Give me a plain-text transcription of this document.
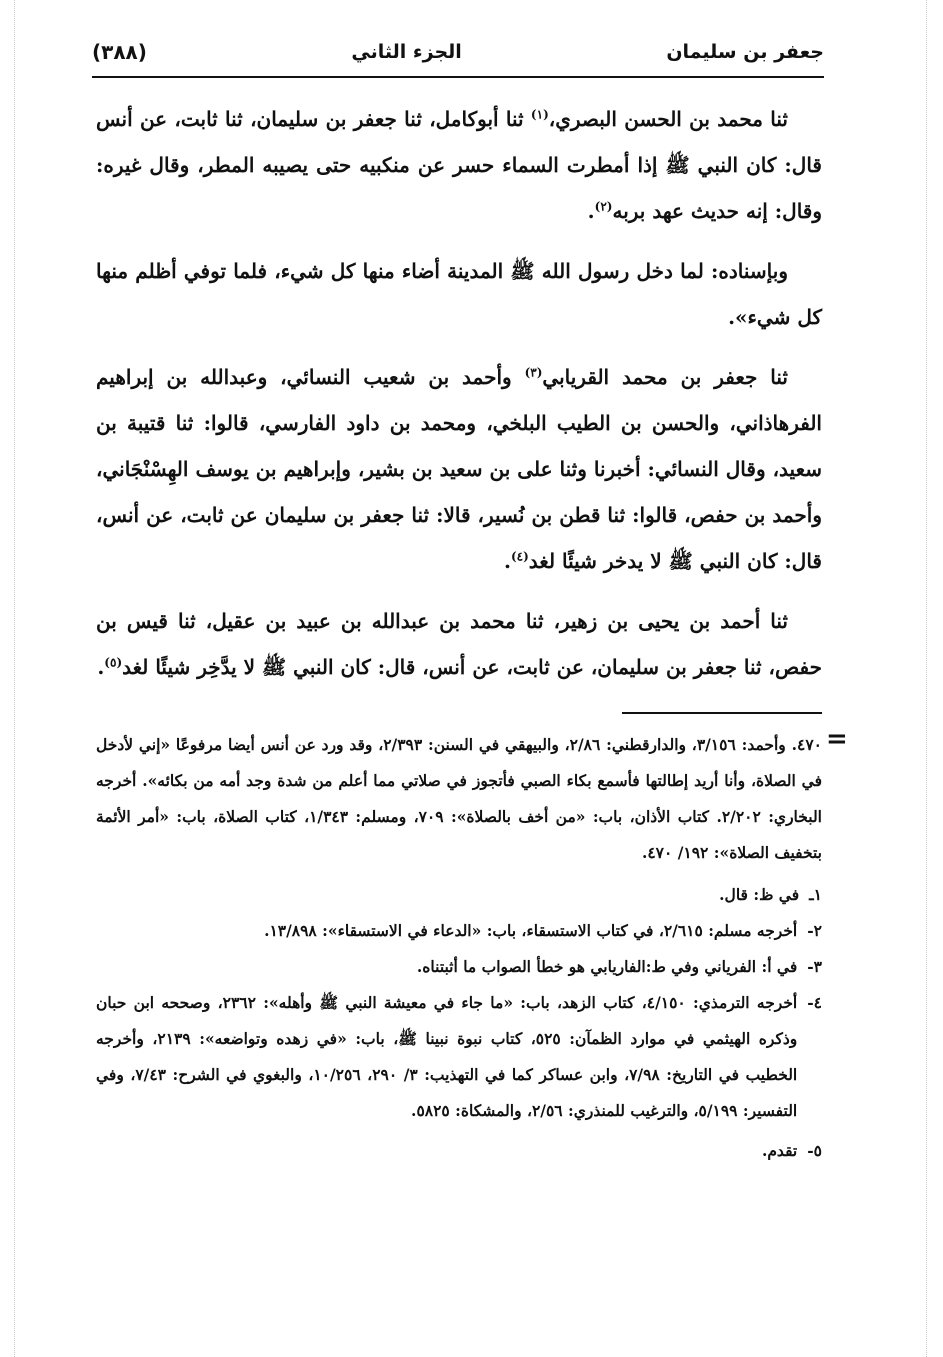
جعفر بن سليمان
الجزء الثاني
(٣٨٨)

ثنا محمد بن الحسن البصري،$^{(١)}$ ثنا أبوكامل، ثنا جعفر بن سليمان، ثنا ثابت، عن أنس قال: كان النبي ﷺ إذا أمطرت السماء حسر عن منكبيه حتى يصيبه المطر، وقال غيره: وقال: إنه حديث عهد بربه$^{(٢)}$.

وبإسناده: لما دخل رسول الله ﷺ المدينة أضاء منها كل شيء، فلما توفي أظلم منها كل شيء».

ثنا جعفر بن محمد القريابي$^{(٣)}$ وأحمد بن شعيب النسائي، وعبدالله بن إبراهيم الفرهاذاني، والحسن بن الطيب البلخي، ومحمد بن داود الفارسي، قالوا: ثنا قتيبة بن سعيد، وقال النسائي: أخبرنا وثنا على بن سعيد بن بشير، وإبراهيم بن يوسف الهِسْنْجَاني، وأحمد بن حفص، قالوا: ثنا قطن بن نُسير، قالا: ثنا جعفر بن سليمان عن ثابت، عن أنس، قال: كان النبي ﷺ لا يدخر شيئًا لغد$^{(٤)}$.

ثنا أحمد بن يحيى بن زهير، ثنا محمد بن عبدالله بن عبيد بن عقيل، ثنا قيس بن حفص، ثنا جعفر بن سليمان، عن ثابت، عن أنس، قال: كان النبي ﷺ لا يدَّخِر شيئًا لغد$^{(٥)}$.

=

٤٧٠. وأحمد: ٣/١٥٦، والدارقطني: ٢/٨٦، والبيهقي في السنن: ٢/٣٩٣، وقد ورد عن أنس أيضا مرفوعًا «إني لأدخل في الصلاة، وأنا أريد إطالتها فأسمع بكاء الصبي فأتجوز في صلاتي مما أعلم من شدة وجد أمه من بكائه». أخرجه البخاري: ٢/٢٠٢. كتاب الأذان، باب: «من أخف بالصلاة»: ٧٠٩، ومسلم: ١/٣٤٣، كتاب الصلاة، باب: «أمر الأئمة بتخفيف الصلاة»: ١٩٢/ ٤٧٠.

١ـ
في ظ: قال.
٢-
أخرجه مسلم: ٢/٦١٥، في كتاب الاستسقاء، باب: «الدعاء في الاستسقاء»: ١٣/٨٩٨.
٣-
في أ: الفرياني وفي ط:الفاريابي هو خطأ الصواب ما أثبتناه.
٤-
أخرجه الترمذي: ٤/١٥٠، كتاب الزهد، باب: «ما جاء في معيشة النبي ﷺ وأهله»: ٢٣٦٢، وصححه ابن حبان وذكره الهيثمي في موارد الظمآن: ٥٢٥، كتاب نبوة نبينا ﷺ، باب: «في زهده وتواضعه»: ٢١٣٩، وأخرجه الخطيب في التاريخ: ٧/٩٨، وابن عساكر كما في التهذيب: ٣/ ٢٩٠، ١٠/٢٥٦، والبغوي في الشرح: ٧/٤٣، وفي التفسير: ٥/١٩٩، والترغيب للمنذري: ٢/٥٦، والمشكاة: ٥٨٢٥.
٥-
تقدم.
